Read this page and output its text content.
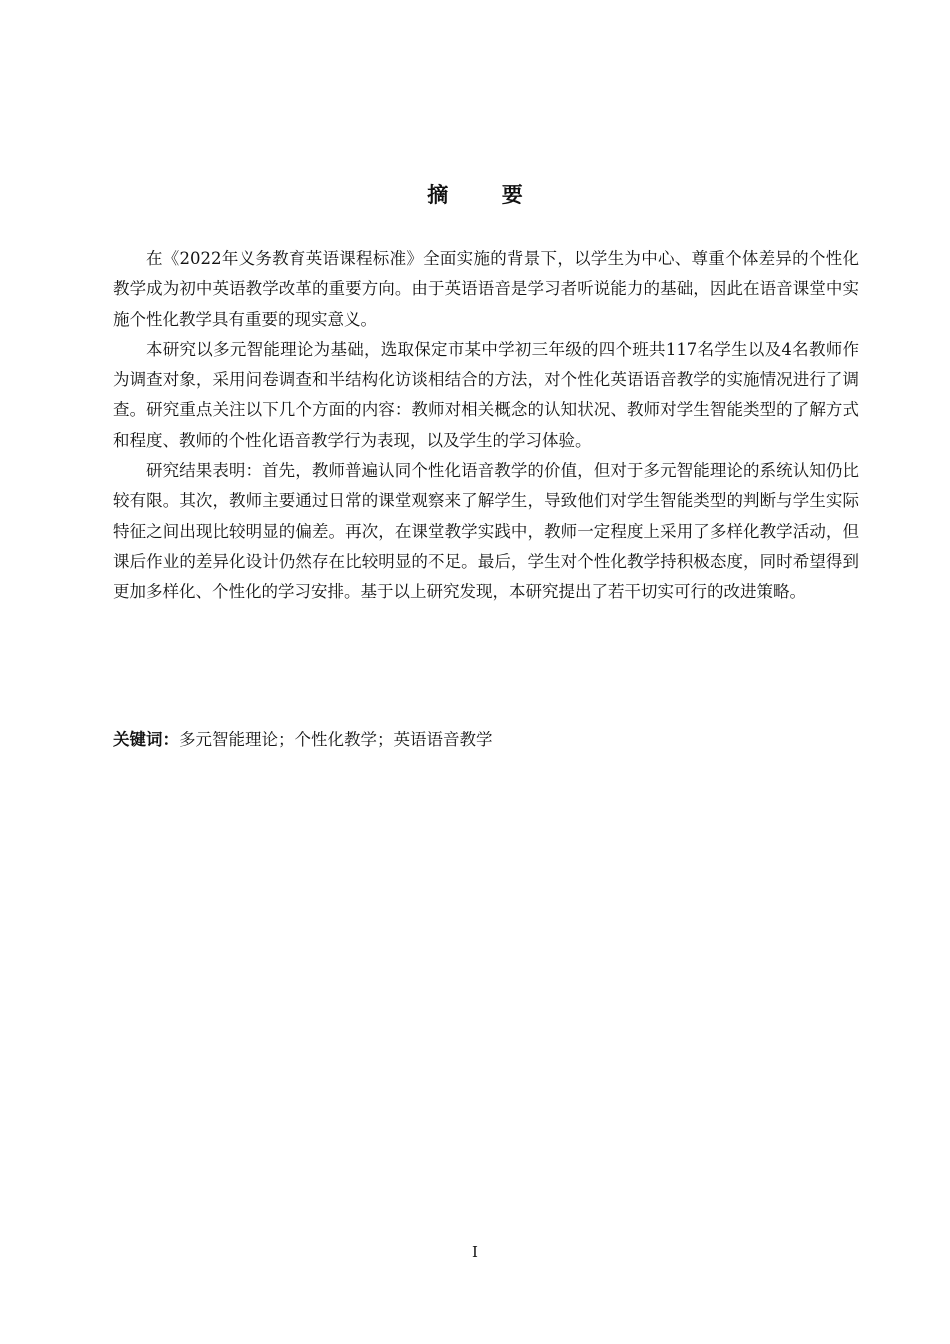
摘 要

在《2022年义务教育英语课程标准》全面实施的背景下，以学生为中心、尊重个体差异的个性化教学成为初中英语教学改革的重要方向。由于英语语音是学习者听说能力的基础，因此在语音课堂中实施个性化教学具有重要的现实意义。

本研究以多元智能理论为基础，选取保定市某中学初三年级的四个班共117名学生以及4名教师作为调查对象，采用问卷调查和半结构化访谈相结合的方法，对个性化英语语音教学的实施情况进行了调查。研究重点关注以下几个方面的内容：教师对相关概念的认知状况、教师对学生智能类型的了解方式和程度、教师的个性化语音教学行为表现，以及学生的学习体验。

研究结果表明：首先，教师普遍认同个性化语音教学的价值，但对于多元智能理论的系统认知仍比较有限。其次，教师主要通过日常的课堂观察来了解学生，导致他们对学生智能类型的判断与学生实际特征之间出现比较明显的偏差。再次，在课堂教学实践中，教师一定程度上采用了多样化教学活动，但课后作业的差异化设计仍然存在比较明显的不足。最后，学生对个性化教学持积极态度，同时希望得到更加多样化、个性化的学习安排。基于以上研究发现，本研究提出了若干切实可行的改进策略。

关键词：多元智能理论；个性化教学；英语语音教学
I
